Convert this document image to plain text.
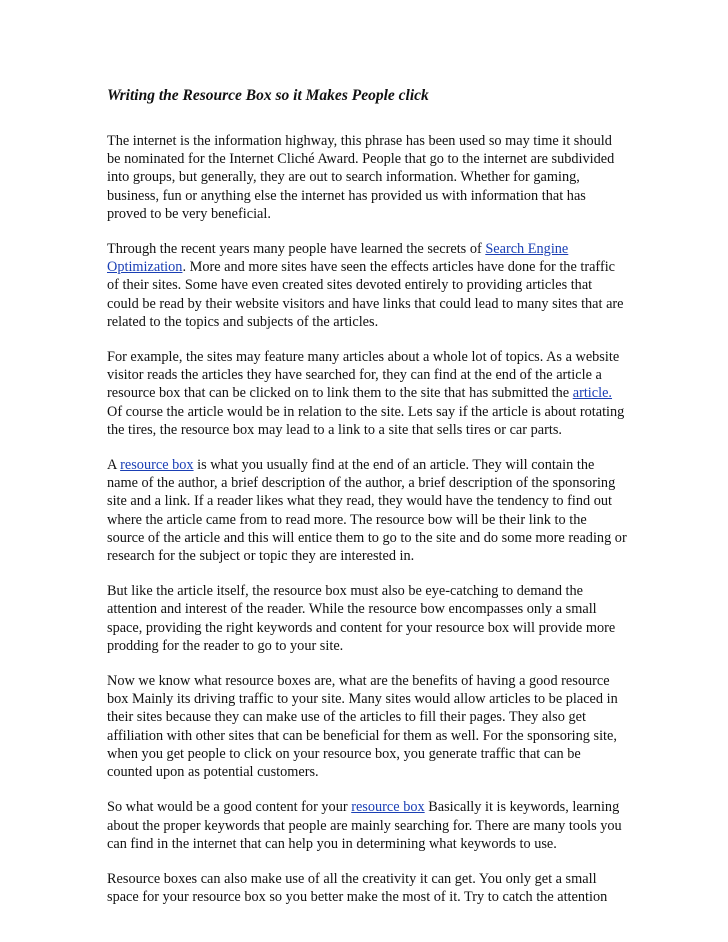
Writing the Resource Box so it Makes People click

The internet is the information highway, this phrase has been used so may time it should be nominated for the Internet Cliché Award. People that go to the internet are subdivided into groups, but generally, they are out to search information. Whether for gaming, business, fun or anything else the internet has provided us with information that has proved to be very beneficial.

Through the recent years many people have learned the secrets of Search Engine Optimization. More and more sites have seen the effects articles have done for the traffic of their sites. Some have even created sites devoted entirely to providing articles that could be read by their website visitors and have links that could lead to many sites that are related to the topics and subjects of the articles.

For example, the sites may feature many articles about a whole lot of topics. As a website visitor reads the articles they have searched for, they can find at the end of the article a resource box that can be clicked on to link them to the site that has submitted the article. Of course the article would be in relation to the site. Lets say if the article is about rotating the tires, the resource box may lead to a link to a site that sells tires or car parts.

A resource box is what you usually find at the end of an article. They will contain the name of the author, a brief description of the author, a brief description of the sponsoring site and a link. If a reader likes what they read, they would have the tendency to find out where the article came from to read more. The resource bow will be their link to the source of the article and this will entice them to go to the site and do some more reading or research for the subject or topic they are interested in.

But like the article itself, the resource box must also be eye-catching to demand the attention and interest of the reader. While the resource bow encompasses only a small space, providing the right keywords and content for your resource box will provide more prodding for the reader to go to your site.

Now we know what resource boxes are, what are the benefits of having a good resource box Mainly its driving traffic to your site. Many sites would allow articles to be placed in their sites because they can make use of the articles to fill their pages. They also get affiliation with other sites that can be beneficial for them as well. For the sponsoring site, when you get people to click on your resource box, you generate traffic that can be counted upon as potential customers.

So what would be a good content for your resource box Basically it is keywords, learning about the proper keywords that people are mainly searching for. There are many tools you can find in the internet that can help you in determining what keywords to use.

Resource boxes can also make use of all the creativity it can get. You only get a small space for your resource box so you better make the most of it. Try to catch the attention
